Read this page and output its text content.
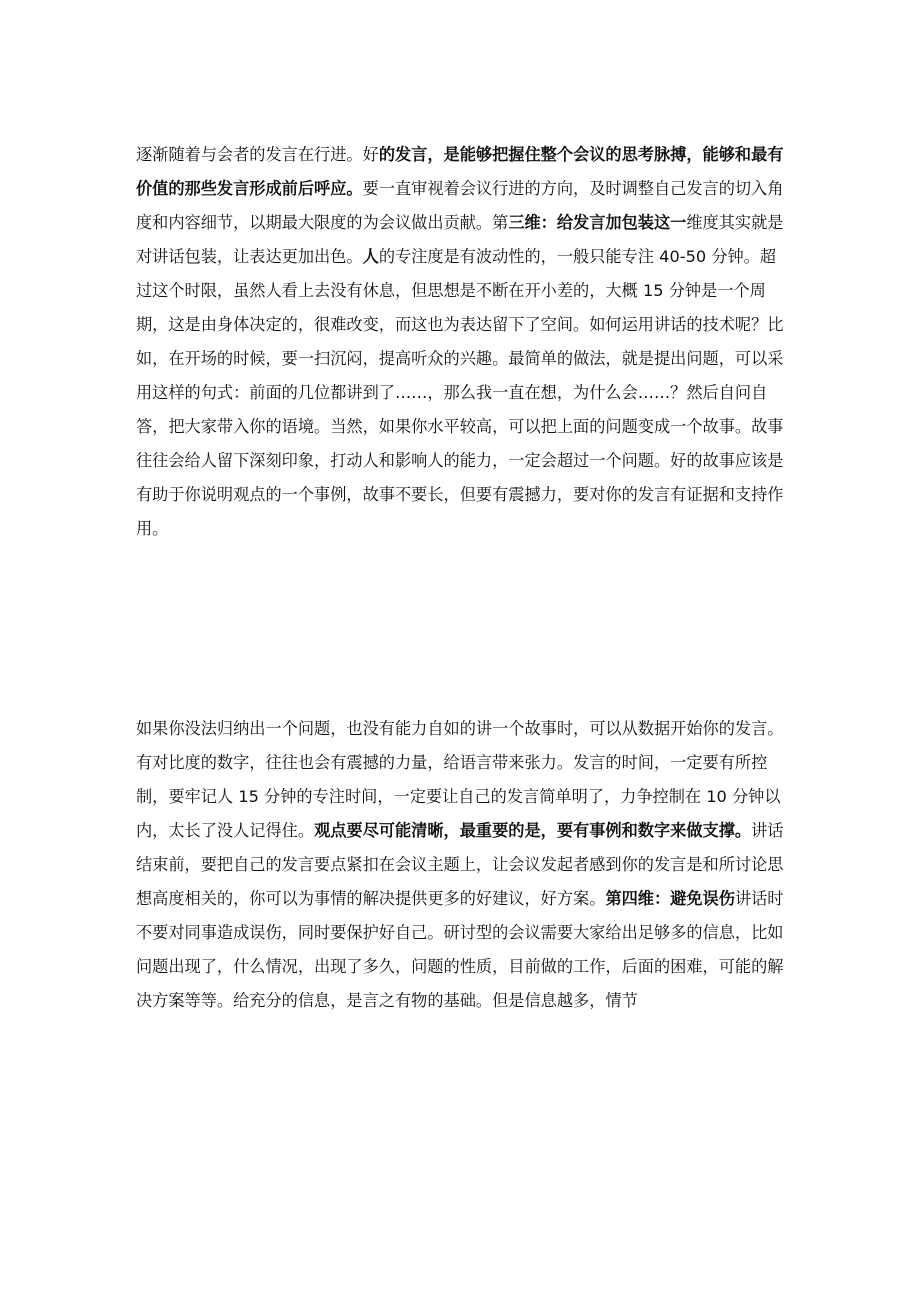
逐渐随着与会者的发言在行进。好的发言，是能够把握住整个会议的思考脉搏，能够和最有价值的那些发言形成前后呼应。要一直审视着会议行进的方向，及时调整自己发言的切入角度和内容细节，以期最大限度的为会议做出贡献。第三维：给发言加包装这一维度其实就是对讲话包装，让表达更加出色。人的专注度是有波动性的，一般只能专注 40-50 分钟。超过这个时限，虽然人看上去没有休息，但思想是不断在开小差的，大概 15 分钟是一个周期，这是由身体决定的，很难改变，而这也为表达留下了空间。如何运用讲话的技术呢？比如，在开场的时候，要一扫沉闷，提高听众的兴趣。最简单的做法，就是提出问题，可以采用这样的句式：前面的几位都讲到了……，那么我一直在想，为什么会……？然后自问自答，把大家带入你的语境。当然，如果你水平较高，可以把上面的问题变成一个故事。故事往往会给人留下深刻印象，打动人和影响人的能力，一定会超过一个问题。好的故事应该是有助于你说明观点的一个事例，故事不要长，但要有震撼力，要对你的发言有证据和支持作用。

如果你没法归纳出一个问题，也没有能力自如的讲一个故事时，可以从数据开始你的发言。有对比度的数字，往往也会有震撼的力量，给语言带来张力。发言的时间，一定要有所控制，要牢记人 15 分钟的专注时间，一定要让自己的发言简单明了，力争控制在 10 分钟以内，太长了没人记得住。观点要尽可能清晰，最重要的是，要有事例和数字来做支撑。讲话结束前，要把自己的发言要点紧扣在会议主题上，让会议发起者感到你的发言是和所讨论思想高度相关的，你可以为事情的解决提供更多的好建议，好方案。第四维：避免误伤讲话时不要对同事造成误伤，同时要保护好自己。研讨型的会议需要大家给出足够多的信息，比如问题出现了，什么情况，出现了多久，问题的性质，目前做的工作，后面的困难，可能的解决方案等等。给充分的信息，是言之有物的基础。但是信息越多，情节
